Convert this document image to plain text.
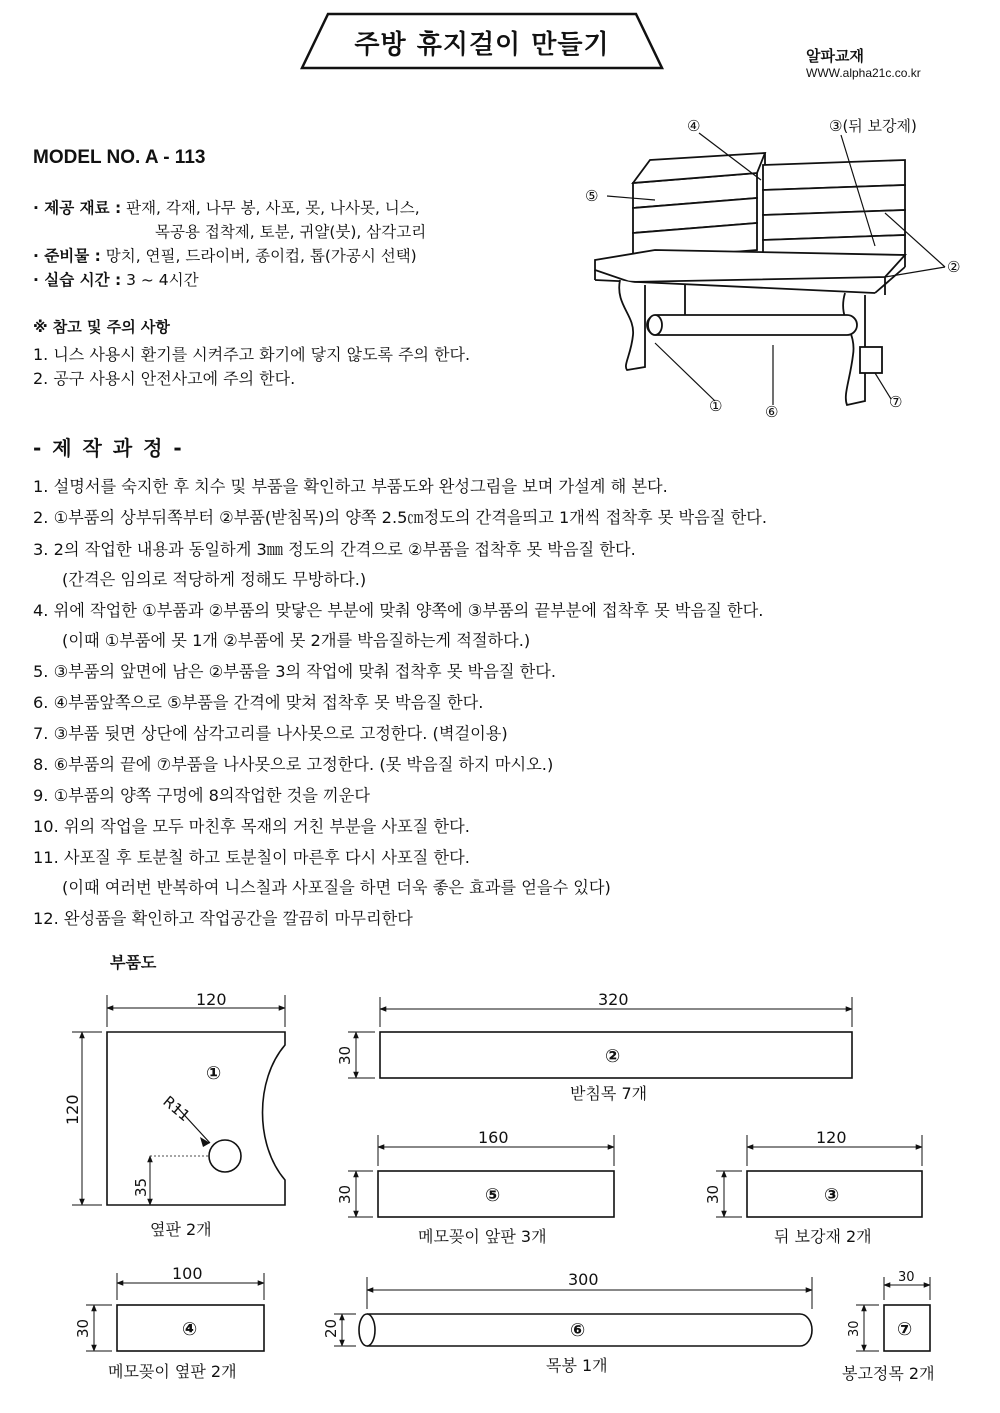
주방 휴지걸이 만들기	알파교재
WWW.alpha21c.co.kr
MODEL NO. A - 113
· 제공 재료 : 판재, 각재, 나무 봉, 사포, 못, 나사못, 니스,
목공용 접착제, 토분, 귀얄(붓), 삼각고리
· 준비물 : 망치, 연필, 드라이버, 종이컵, 톱(가공시 선택)
· 실습 시간 : 3 ~ 4시간
※ 참고 및 주의 사항
1. 니스 사용시 환기를 시켜주고 화기에 닿지 않도록 주의 한다.
2. 공구 사용시 안전사고에 주의 한다.
④	③(뒤 보강제)
⑤
②
①	⑥
⑦
- 제 작 과 정 -
1. 설명서를 숙지한 후 치수 및 부품을 확인하고 부품도와 완성그림을 보며 가설계 해 본다.
2. ①부품의 상부뒤쪽부터 ②부품(받침목)의 양쪽 2.5㎝정도의 간격을띄고 1개씩 접착후 못 박음질 한다.
3. 2의 작업한 내용과 동일하게 3㎜ 정도의 간격으로 ②부품을 접착후 못 박음질 한다.
(간격은 임의로 적당하게 정해도 무방하다.)
4. 위에 작업한 ①부품과 ②부품의 맞닿은 부분에 맞춰 양쪽에 ③부품의 끝부분에 접착후 못 박음질 한다.
(이때 ①부품에 못 1개 ②부품에 못 2개를 박음질하는게 적절하다.)
5. ③부품의 앞면에 남은 ②부품을 3의 작업에 맞춰 접착후 못 박음질 한다.
6. ④부품앞쪽으로 ⑤부품을 간격에 맞쳐 접착후 못 박음질 한다.
7. ③부품 뒷면 상단에 삼각고리를 나사못으로 고정한다. (벽걸이용)
8. ⑥부품의 끝에 ⑦부품을 나사못으로 고정한다. (못 박음질 하지 마시오.)
9. ①부품의 양쪽 구멍에 8의작업한 것을 끼운다
10. 위의 작업을 모두 마친후 목재의 거친 부분을 사포질 한다.
11. 사포질 후 토분칠 하고 토분칠이 마른후 다시 사포질 한다.
(이때 여러번 반복하여 니스칠과 사포질을 하면 더욱 좋은 효과를 얻을수 있다)
12. 완성품을 확인하고 작업공간을 깔끔히 마무리한다
부품도
120
120
①
R11
35
옆판 2개
320
30	②
받침목 7개
160
30	⑤
메모꽂이 앞판 3개
120
30	③
뒤 보강재 2개
100
30	④
메모꽂이 옆판 2개
300
20	⑥
목봉 1개
30
30 ⑦
봉고정목 2개
